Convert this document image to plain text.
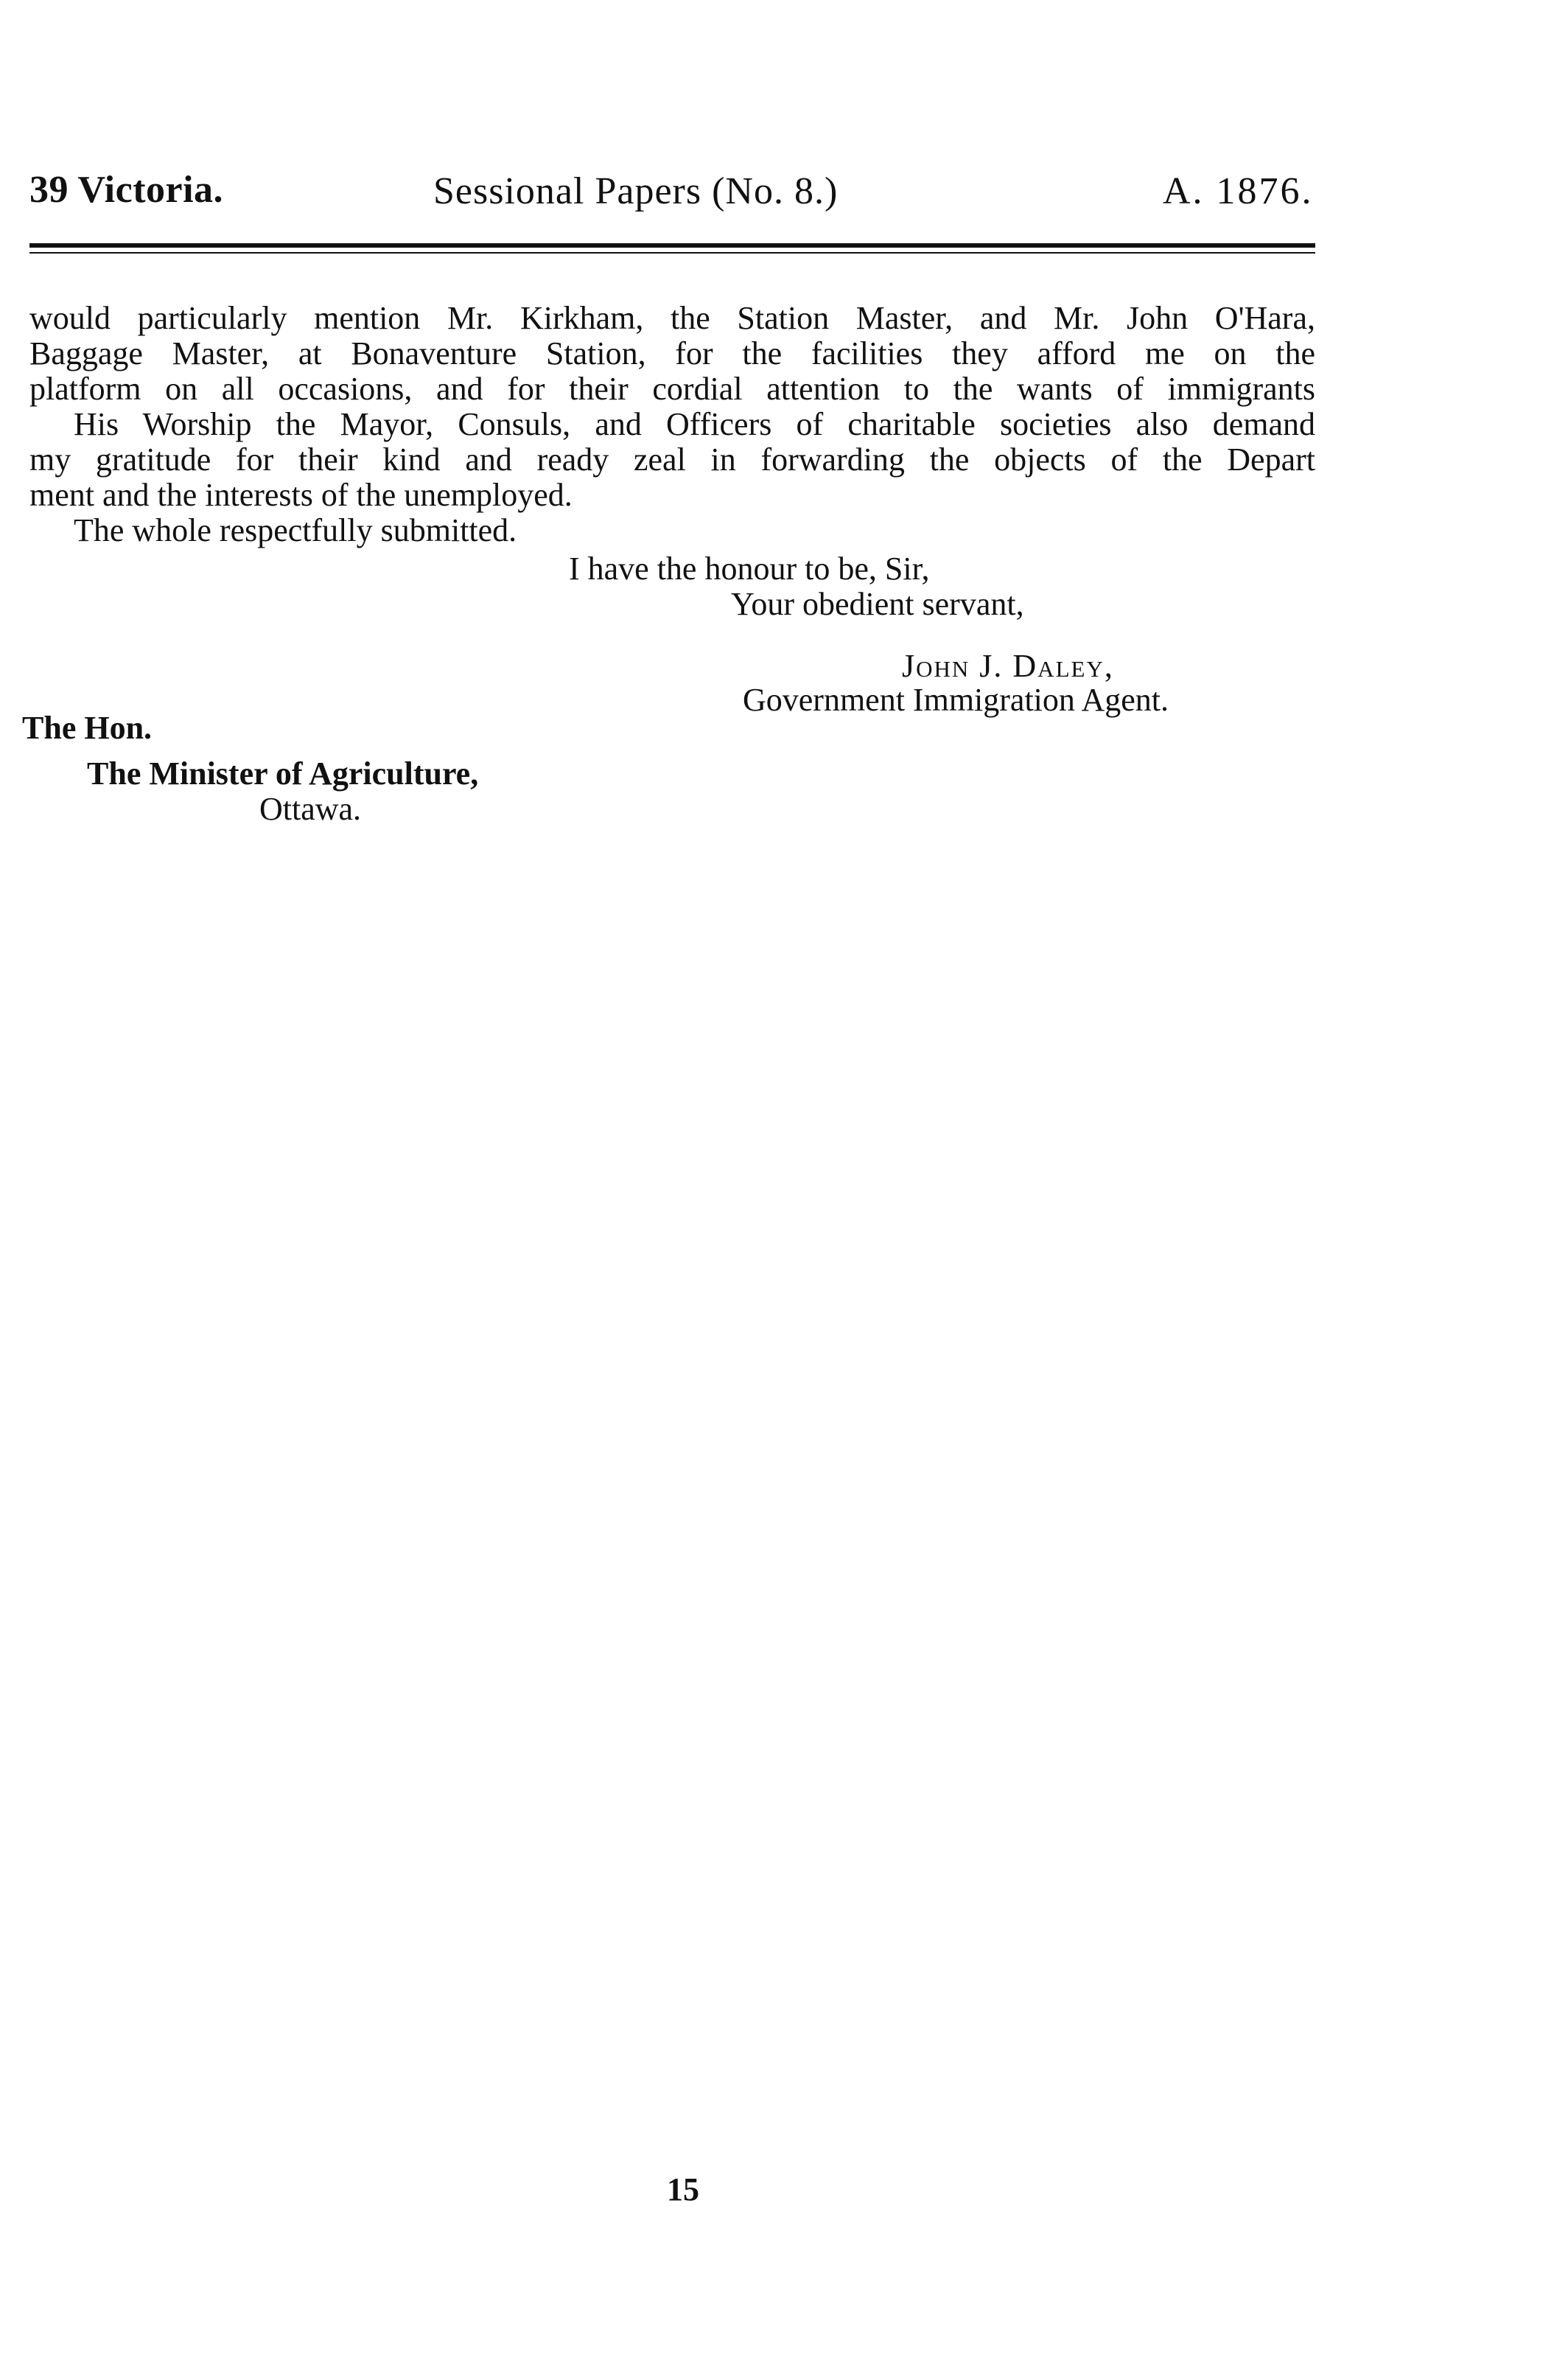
39 Victoria.	Sessional Papers (No. 8.)	A. 1876.
would particularly mention Mr. Kirkham, the Station Master, and Mr. John O'Hara,
Baggage Master, at Bonaventure Station, for the facilities they afford me on the
platform on all occasions, and for their cordial attention to the wants of immigrants
His Worship the Mayor, Consuls, and Officers of charitable societies also demand
my gratitude for their kind and ready zeal in forwarding the objects of the Depart
ment and the interests of the unemployed.
The whole respectfully submitted.
I have the honour to be, Sir,
Your obedient servant,
John J. Daley,
Government Immigration Agent.
The Hon.
The Minister of Agriculture,
Ottawa.
15
